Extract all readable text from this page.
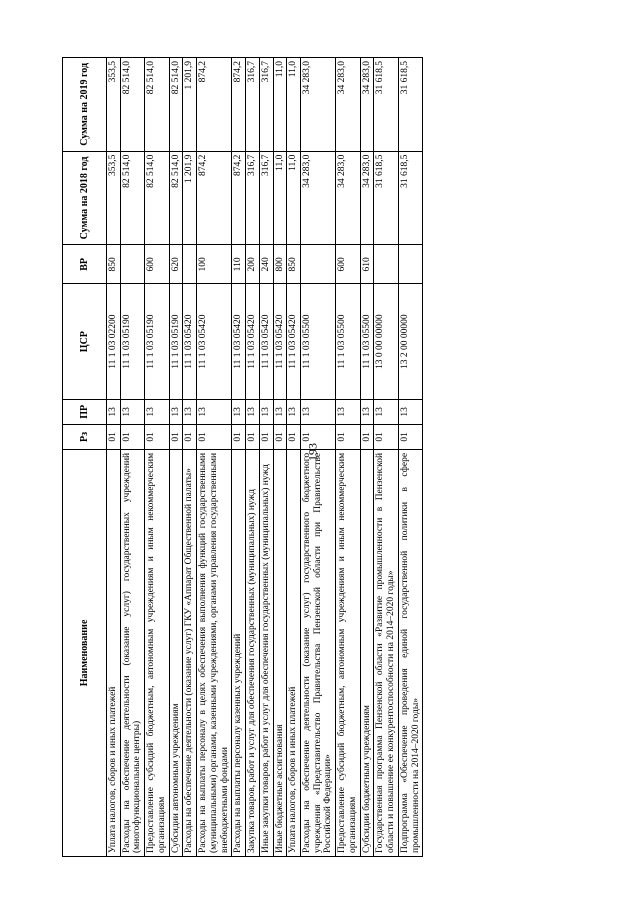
193
Наименование	Рз	ПР	ЦСР	ВР	Сумма на 2018 год	Сумма на 2019 год
Уплата налогов, сборов и иных платежей	01	13	11 1 03 02200	850	353,5	353,5
Расходы на обеспечение деятельности (оказание услуг) государственных учреждений (многофункциональные центры)	01	13	11 1 03 05190		82 514,0	82 514,0
Предоставление субсидий бюджетным, автономным учреждениям и иным некоммерческим организациям	01	13	11 1 03 05190	600	82 514,0	82 514,0
Субсидии автономным учреждениям	01	13	11 1 03 05190	620	82 514,0	82 514,0
Расходы на обеспечение деятельности (оказание услуг) ГКУ «Аппарат Общественной палаты»	01	13	11 1 03 05420		1 201,9	1 201,9
Расходы на выплаты персоналу в целях обеспечения выполнения функций государственными (муниципальными) органами, казенными учреждениями, органами управления государственными внебюджетными фондами	01	13	11 1 03 05420	100	874,2	874,2
Расходы на выплаты персоналу казенных учреждений	01	13	11 1 03 05420	110	874,2	874,2
Закупка товаров, работ и услуг для обеспечения государственных (муниципальных) нужд	01	13	11 1 03 05420	200	316,7	316,7
Иные закупки товаров, работ и услуг для обеспечения государственных (муниципальных) нужд	01	13	11 1 03 05420	240	316,7	316,7
Иные бюджетные ассигнования	01	13	11 1 03 05420	800	11,0	11,0
Уплата налогов, сборов и иных платежей	01	13	11 1 03 05420	850	11,0	11,0
Расходы на обеспечение деятельности (оказание услуг) государственного бюджетного учреждения «Представительство Правительства Пензенской области при Правительстве Российской Федерации»	01	13	11 1 03 05500		34 283,0	34 283,0
Предоставление субсидий бюджетным, автономным учреждениям и иным некоммерческим организациям	01	13	11 1 03 05500	600	34 283,0	34 283,0
Субсидии бюджетным учреждениям	01	13	11 1 03 05500	610	34 283,0	34 283,0
Государственная программа Пензенской области «Развитие промышленности в Пензенской области и повышение ее конкурентоспособности на 2014–2020 годы»	01	13	13 0 00 00000		31 618,5	31 618,5
Подпрограмма «Обеспечение проведения единой государственной политики в сфере промышленности на 2014–2020 годы»	01	13	13 2 00 00000		31 618,5	31 618,5
